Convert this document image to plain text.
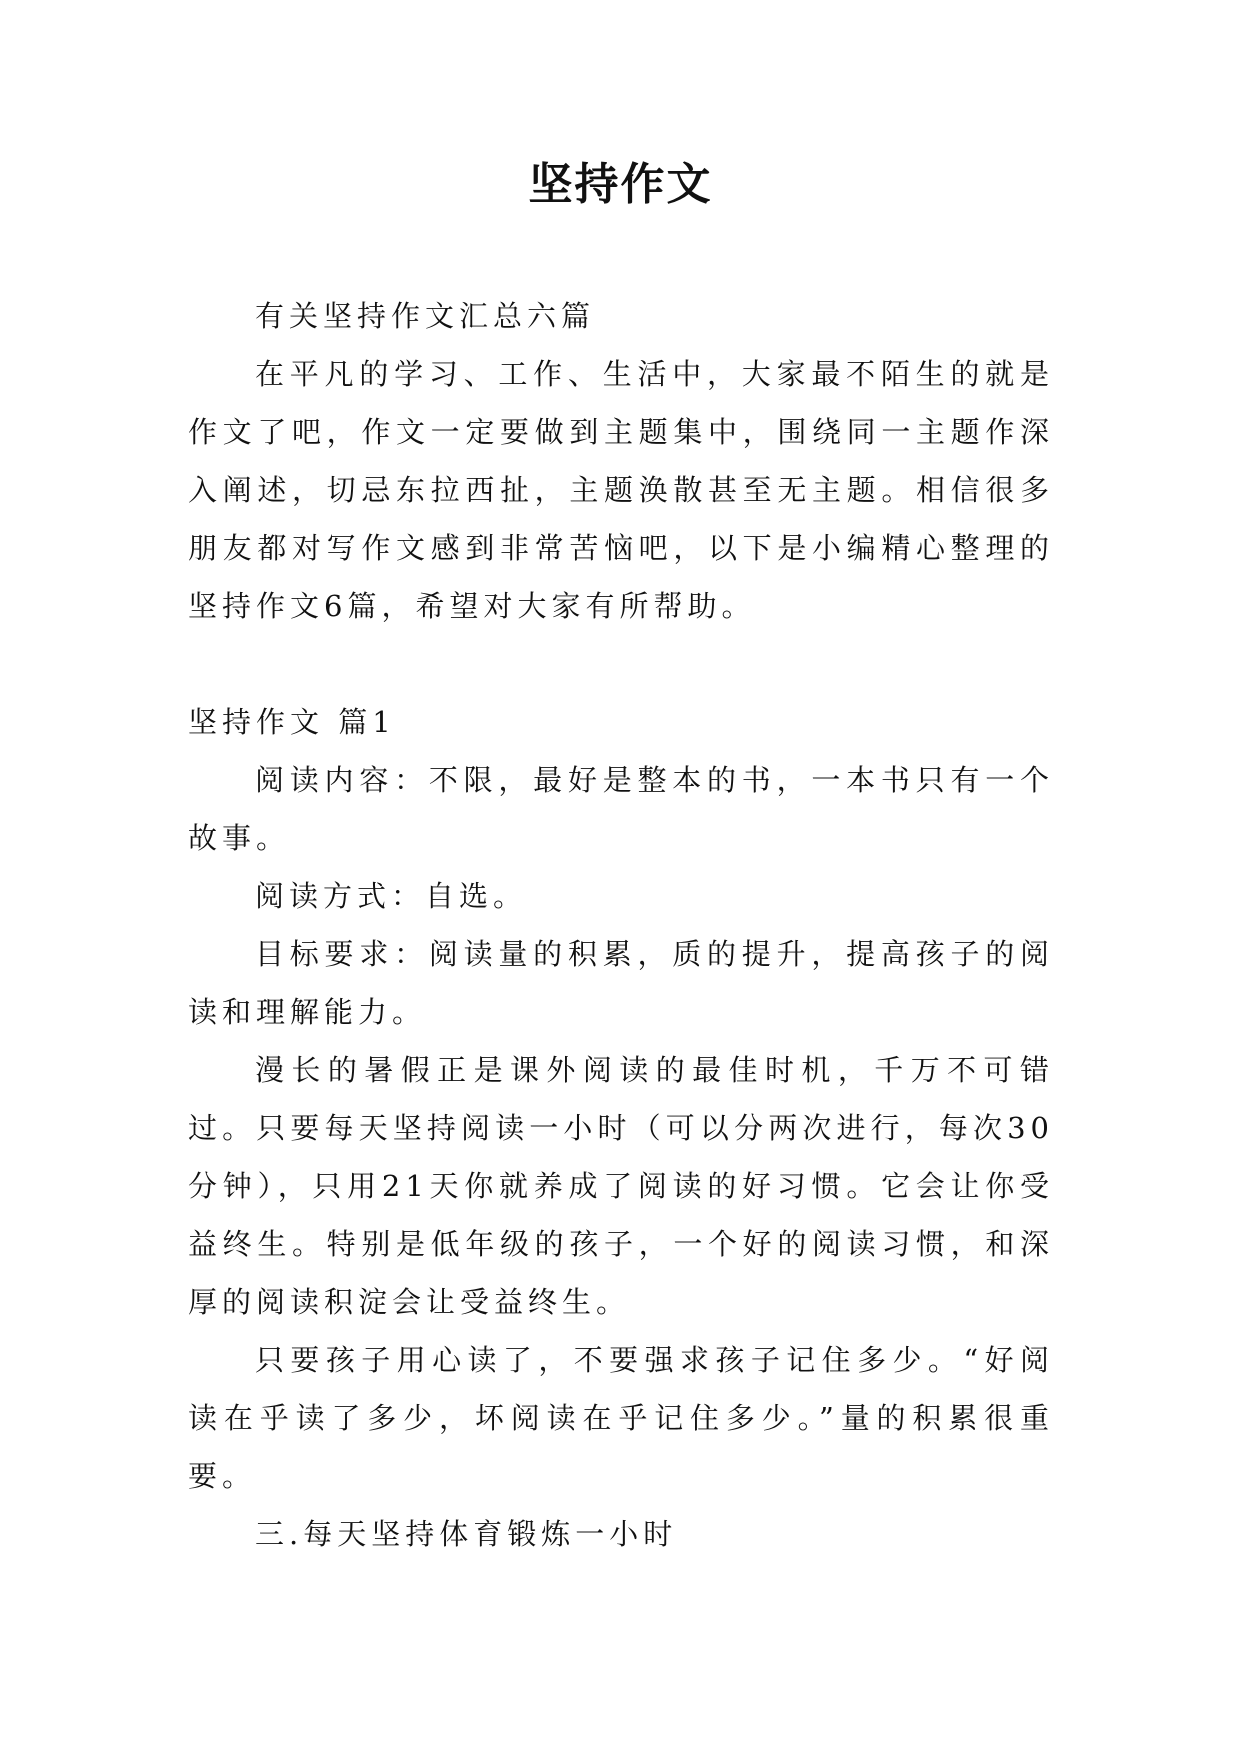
坚持作文

有关坚持作文汇总六篇

在平凡的学习、工作、生活中，大家最不陌生的就是作文了吧，作文一定要做到主题集中，围绕同一主题作深入阐述，切忌东拉西扯，主题涣散甚至无主题。相信很多朋友都对写作文感到非常苦恼吧，以下是小编精心整理的坚持作文6篇，希望对大家有所帮助。

坚持作文 篇1

阅读内容：不限，最好是整本的书，一本书只有一个故事。

阅读方式：自选。

目标要求：阅读量的积累，质的提升，提高孩子的阅读和理解能力。

漫长的暑假正是课外阅读的最佳时机，千万不可错过。只要每天坚持阅读一小时（可以分两次进行，每次30分钟），只用21天你就养成了阅读的好习惯。它会让你受益终生。特别是低年级的孩子，一个好的阅读习惯，和深厚的阅读积淀会让受益终生。

只要孩子用心读了，不要强求孩子记住多少。“好阅读在乎读了多少，坏阅读在乎记住多少。”量的积累很重要。

三.每天坚持体育锻炼一小时
